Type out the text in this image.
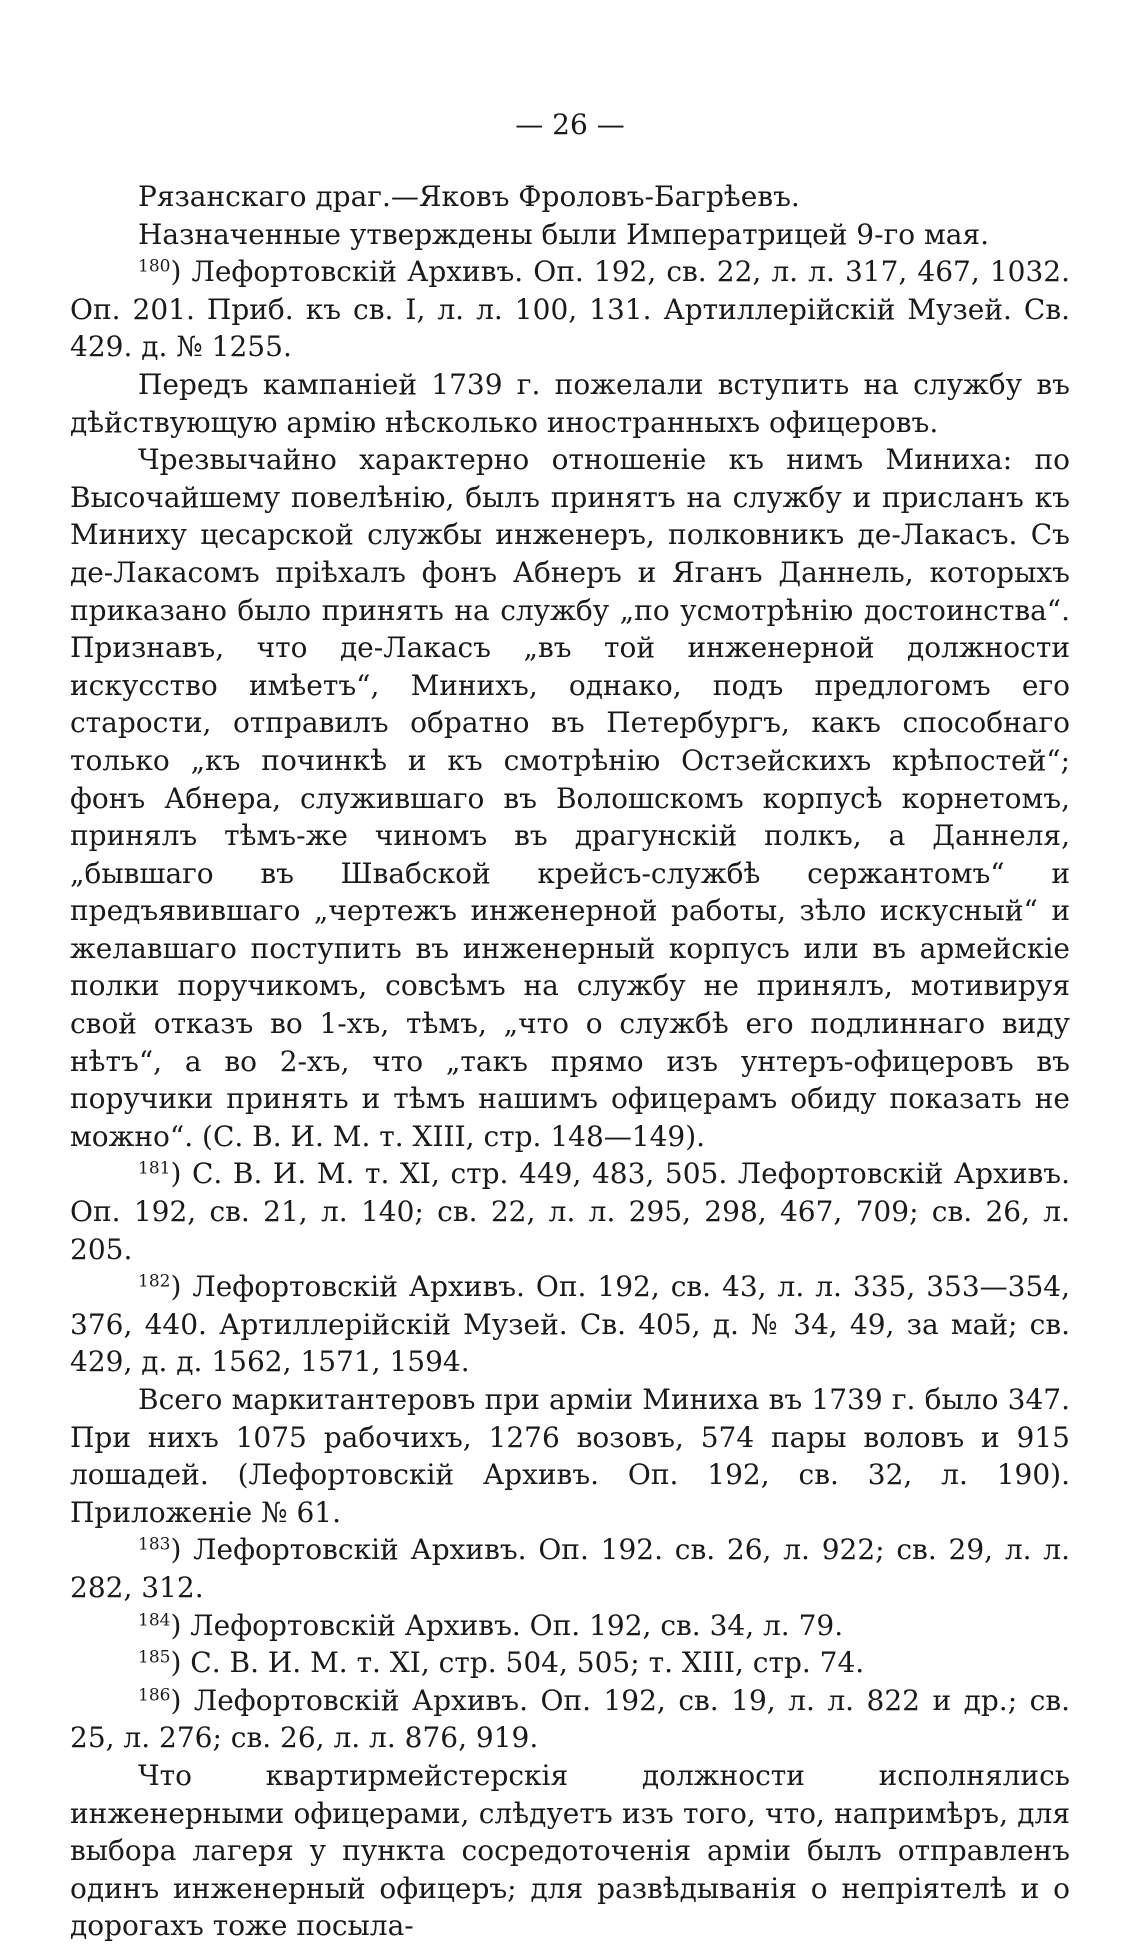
— 26 —

Рязанскаго драг.—Яковъ Фроловъ-Багрѣевъ.

Назначенные утверждены были Императрицей 9-го мая.

$^{180}$) Лефортовскій Архивъ. Оп. 192, св. 22, л. л. 317, 467, 1032. Оп. 201. Приб. къ св. I, л. л. 100, 131. Артиллерійскій Музей. Св. 429. д. № 1255.

Передъ кампаніей 1739 г. пожелали вступить на службу въ дѣйствующую армію нѣсколько иностранныхъ офицеровъ.

Чрезвычайно характерно отношеніе къ нимъ Миниха: по Высочайшему повелѣнію, былъ принятъ на службу и присланъ къ Миниху цесарской службы инженеръ, полковникъ де-Лакасъ. Съ де-Лакасомъ пріѣхалъ фонъ Абнеръ и Яганъ Даннель, которыхъ приказано было принять на службу „по усмотрѣнію достоинства“. Признавъ, что де-Лакасъ „въ той инженерной должности искусство имѣетъ“, Минихъ, однако, подъ предлогомъ его старости, отправилъ обратно въ Петербургъ, какъ способнаго только „къ починкѣ и къ смотрѣнію Остзейскихъ крѣпостей“; фонъ Абнера, служившаго въ Волошскомъ корпусѣ корнетомъ, принялъ тѣмъ-же чиномъ въ драгунскій полкъ, а Даннеля, „бывшаго въ Швабской крейсъ-службѣ сержантомъ“ и предъявившаго „чертежъ инженерной работы, зѣло искусный“ и желавшаго поступить въ инженерный корпусъ или въ армейскіе полки поручикомъ, совсѣмъ на службу не принялъ, мотивируя свой отказъ во 1-хъ, тѣмъ, „что о службѣ его подлиннаго виду нѣтъ“, а во 2-хъ, что „такъ прямо изъ унтеръ-офицеровъ въ поручики принять и тѣмъ нашимъ офицерамъ обиду показать не можно“. (С. В. И. М. т. XIII, стр. 148—149).

$^{181}$) С. В. И. М. т. XI, стр. 449, 483, 505. Лефортовскій Архивъ. Оп. 192, св. 21, л. 140; св. 22, л. л. 295, 298, 467, 709; св. 26, л. 205.

$^{182}$) Лефортовскій Архивъ. Оп. 192, св. 43, л. л. 335, 353—354, 376, 440. Артиллерійскій Музей. Св. 405, д. № 34, 49, за май; св. 429, д. д. 1562, 1571, 1594.

Всего маркитантеровъ при арміи Миниха въ 1739 г. было 347. При нихъ 1075 рабочихъ, 1276 возовъ, 574 пары воловъ и 915 лошадей. (Лефортовскій Архивъ. Оп. 192, св. 32, л. 190). Приложеніе № 61.

$^{183}$) Лефортовскій Архивъ. Оп. 192. св. 26, л. 922; св. 29, л. л. 282, 312.

$^{184}$) Лефортовскій Архивъ. Оп. 192, св. 34, л. 79.

$^{185}$) С. В. И. М. т. XI, стр. 504, 505; т. XIII, стр. 74.

$^{186}$) Лефортовскій Архивъ. Оп. 192, св. 19, л. л. 822 и др.; св. 25, л. 276; св. 26, л. л. 876, 919.

Что квартирмейстерскія должности исполнялись инженерными офицерами, слѣдуетъ изъ того, что, напримѣръ, для выбора лагеря у пункта сосредоточенія арміи былъ отправленъ одинъ инженерный офицеръ; для развѣдыванія о непріятелѣ и о дорогахъ тоже посыла-
